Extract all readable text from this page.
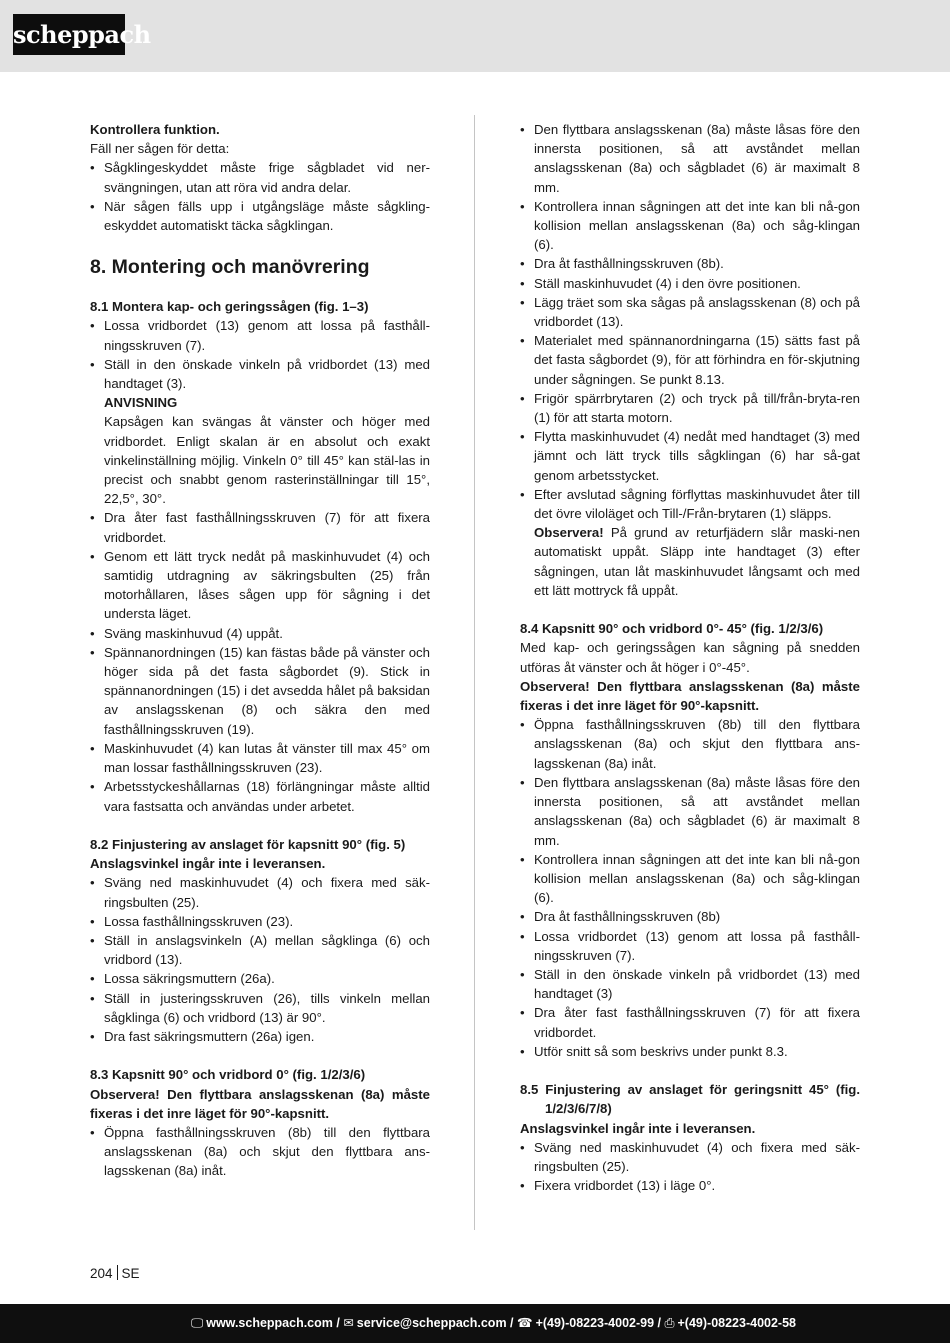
scheppach

Kontrollera funktion.

Fäll ner sågen för detta:

• Sågklingeskyddet måste frige sågbladet vid ner-svängningen, utan att röra vid andra delar.
• När sågen fälls upp i utgångsläge måste sågkling-eskyddet automatiskt täcka sågklingan.
8. Montering och manövrering

8.1 Montera kap- och geringssågen (fig. 1–3)

• Lossa vridbordet (13) genom att lossa på fasthåll-ningsskruven (7).
• Ställ in den önskade vinkeln på vridbordet (13) med handtaget (3).
ANVISNING
Kapsågen kan svängas åt vänster och höger med vridbordet. Enligt skalan är en absolut och exakt vinkelinställning möjlig. Vinkeln 0° till 45° kan stäl-las in precist och snabbt genom rasterinställningar till 15°, 22,5°, 30°.
• Dra åter fast fasthållningsskruven (7) för att fixera vridbordet.
• Genom ett lätt tryck nedåt på maskinhuvudet (4) och samtidig utdragning av säkringsbulten (25) från motorhållaren, låses sågen upp för sågning i det understa läget.
• Sväng maskinhuvud (4) uppåt.
• Spännanordningen (15) kan fästas både på vänster och höger sida på det fasta sågbordet (9). Stick in spännanordningen (15) i det avsedda hålet på baksidan av anslagsskenan (8) och säkra den med fasthållningsskruven (19).
• Maskinhuvudet (4) kan lutas åt vänster till max 45° om man lossar fasthållningsskruven (23).
• Arbetsstyckeshållarnas (18) förlängningar måste alltid vara fastsatta och användas under arbetet.

8.2 Finjustering av anslaget för kapsnitt 90° (fig. 5)

Anslagsvinkel ingår inte i leveransen.

• Sväng ned maskinhuvudet (4) och fixera med säk-ringsbulten (25).
• Lossa fasthållningsskruven (23).
• Ställ in anslagsvinkeln (A) mellan sågklinga (6) och vridbord (13).
• Lossa säkringsmuttern (26a).
• Ställ in justeringsskruven (26), tills vinkeln mellan sågklinga (6) och vridbord (13) är 90°.
• Dra fast säkringsmuttern (26a) igen.

8.3 Kapsnitt 90° och vridbord 0° (fig. 1/2/3/6)

Observera! Den flyttbara anslagsskenan (8a) måste fixeras i det inre läget för 90°-kapsnitt.

• Öppna fasthållningsskruven (8b) till den flyttbara anslagsskenan (8a) och skjut den flyttbara ans-lagsskenan (8a) inåt.
• Den flyttbara anslagsskenan (8a) måste låsas före den innersta positionen, så att avståndet mellan anslagsskenan (8a) och sågbladet (6) är maximalt 8 mm.
• Kontrollera innan sågningen att det inte kan bli nå-gon kollision mellan anslagsskenan (8a) och såg-klingan (6).
• Dra åt fasthållningsskruven (8b).
• Ställ maskinhuvudet (4) i den övre positionen.
• Lägg träet som ska sågas på anslagsskenan (8) och på vridbordet (13).
• Materialet med spännanordningarna (15) sätts fast på det fasta sågbordet (9), för att förhindra en för-skjutning under sågningen. Se punkt 8.13.
• Frigör spärrbrytaren (2) och tryck på till/från-bryta-ren (1) för att starta motorn.
• Flytta maskinhuvudet (4) nedåt med handtaget (3) med jämnt och lätt tryck tills sågklingan (6) har så-gat genom arbetsstycket.
• Efter avslutad sågning förflyttas maskinhuvudet åter till det övre viloläget och Till-/Från-brytaren (1) släpps.
Observera! På grund av returfjädern slår maski-nen automatiskt uppåt. Släpp inte handtaget (3) efter sågningen, utan låt maskinhuvudet långsamt och med ett lätt mottryck få uppåt.

8.4 Kapsnitt 90° och vridbord 0°- 45° (fig. 1/2/3/6)

Med kap- och geringssågen kan sågning på snedden utföras åt vänster och åt höger i 0°-45°.

Observera! Den flyttbara anslagsskenan (8a) måste fixeras i det inre läget för 90°-kapsnitt.

• Öppna fasthållningsskruven (8b) till den flyttbara anslagsskenan (8a) och skjut den flyttbara ans-lagsskenan (8a) inåt.
• Den flyttbara anslagsskenan (8a) måste låsas före den innersta positionen, så att avståndet mellan anslagsskenan (8a) och sågbladet (6) är maximalt 8 mm.
• Kontrollera innan sågningen att det inte kan bli nå-gon kollision mellan anslagsskenan (8a) och såg-klingan (6).
• Dra åt fasthållningsskruven (8b)
• Lossa vridbordet (13) genom att lossa på fasthåll-ningsskruven (7).
• Ställ in den önskade vinkeln på vridbordet (13) med handtaget (3)
• Dra åter fast fasthållningsskruven (7) för att fixera vridbordet.
• Utför snitt så som beskrivs under punkt 8.3.

8.5 Finjustering av anslaget för geringsnitt 45° (fig. 1/2/3/6/7/8)

Anslagsvinkel ingår inte i leveransen.

• Sväng ned maskinhuvudet (4) och fixera med säk-ringsbulten (25).
• Fixera vridbordet (13) i läge 0°.
204 SE
🖵 www.scheppach.com / ✉ service@scheppach.com / ☎ +(49)-08223-4002-99 / ⎙ +(49)-08223-4002-58
